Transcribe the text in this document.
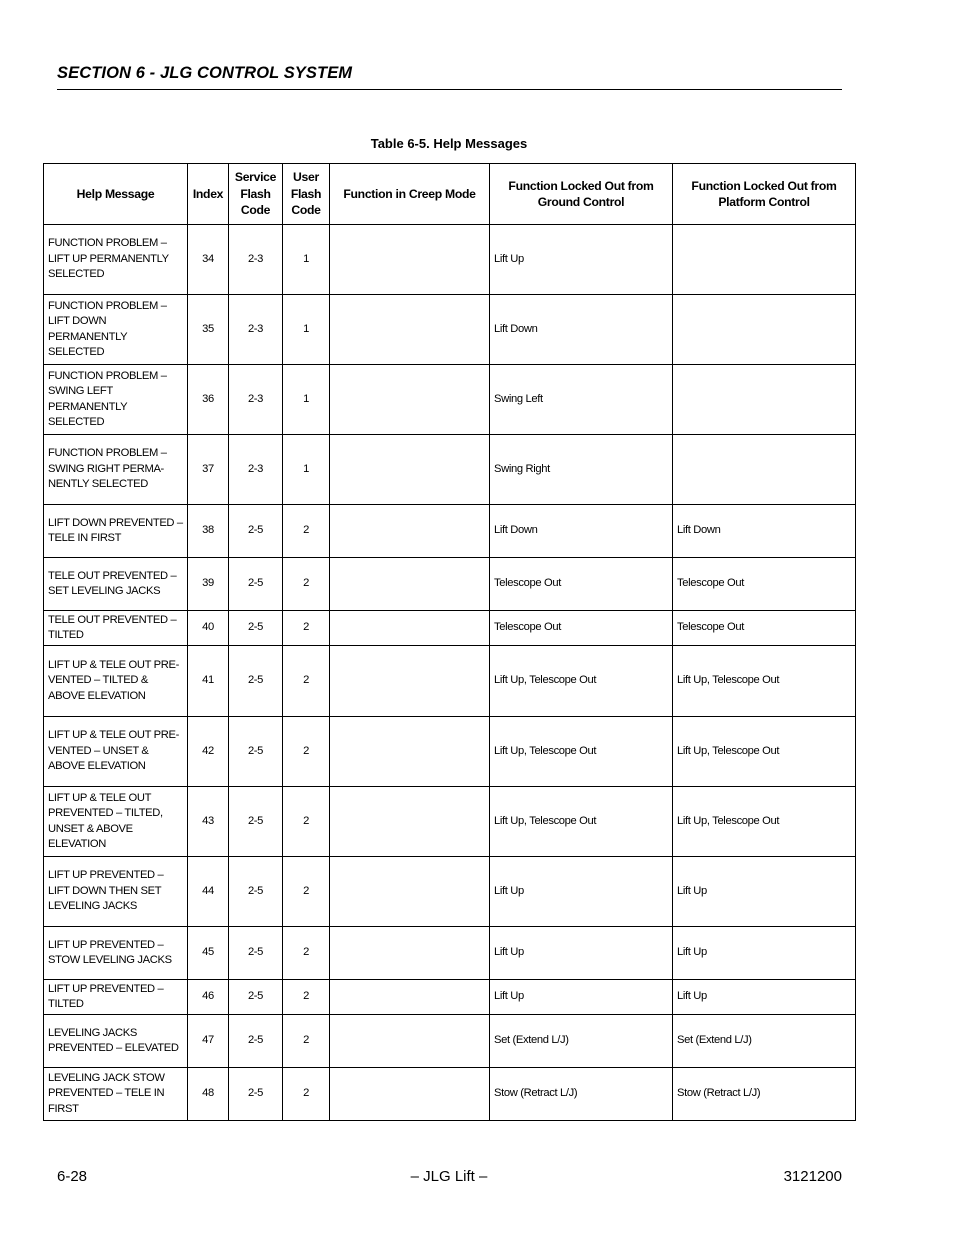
SECTION 6 - JLG CONTROL SYSTEM
Table 6-5. Help Messages
Help Message	Index	Service Flash Code	User Flash Code	Function in Creep Mode	Function Locked Out from Ground Control	Function Locked Out from Platform Control
FUNCTION PROBLEM – LIFT UP PERMANENTLY SELECTED	34	2-3	1		Lift Up	
FUNCTION PROBLEM – LIFT DOWN PERMANENTLY SELECTED	35	2-3	1		Lift Down	
FUNCTION PROBLEM – SWING LEFT PERMANENTLY SELECTED	36	2-3	1		Swing Left	
FUNCTION PROBLEM – SWING RIGHT PERMA-NENTLY SELECTED	37	2-3	1		Swing Right	
LIFT DOWN PREVENTED – TELE IN FIRST	38	2-5	2		Lift Down	Lift Down
TELE OUT PREVENTED – SET LEVELING JACKS	39	2-5	2		Telescope Out	Telescope Out
TELE OUT PREVENTED – TILTED	40	2-5	2		Telescope Out	Telescope Out
LIFT UP & TELE OUT PRE-VENTED – TILTED & ABOVE ELEVATION	41	2-5	2		Lift Up, Telescope Out	Lift Up, Telescope Out
LIFT UP & TELE OUT PRE-VENTED – UNSET & ABOVE ELEVATION	42	2-5	2		Lift Up, Telescope Out	Lift Up, Telescope Out
LIFT UP & TELE OUT PREVENTED – TILTED, UNSET & ABOVE ELEVATION	43	2-5	2		Lift Up, Telescope Out	Lift Up, Telescope Out
LIFT UP PREVENTED – LIFT DOWN THEN SET LEVELING JACKS	44	2-5	2		Lift Up	Lift Up
LIFT UP PREVENTED – STOW LEVELING JACKS	45	2-5	2		Lift Up	Lift Up
LIFT UP PREVENTED – TILTED	46	2-5	2		Lift Up	Lift Up
LEVELING JACKS PREVENTED – ELEVATED	47	2-5	2		Set (Extend L/J)	Set (Extend L/J)
LEVELING JACK STOW PREVENTED – TELE IN FIRST	48	2-5	2		Stow (Retract L/J)	Stow (Retract L/J)
6-28	– JLG Lift –	3121200
